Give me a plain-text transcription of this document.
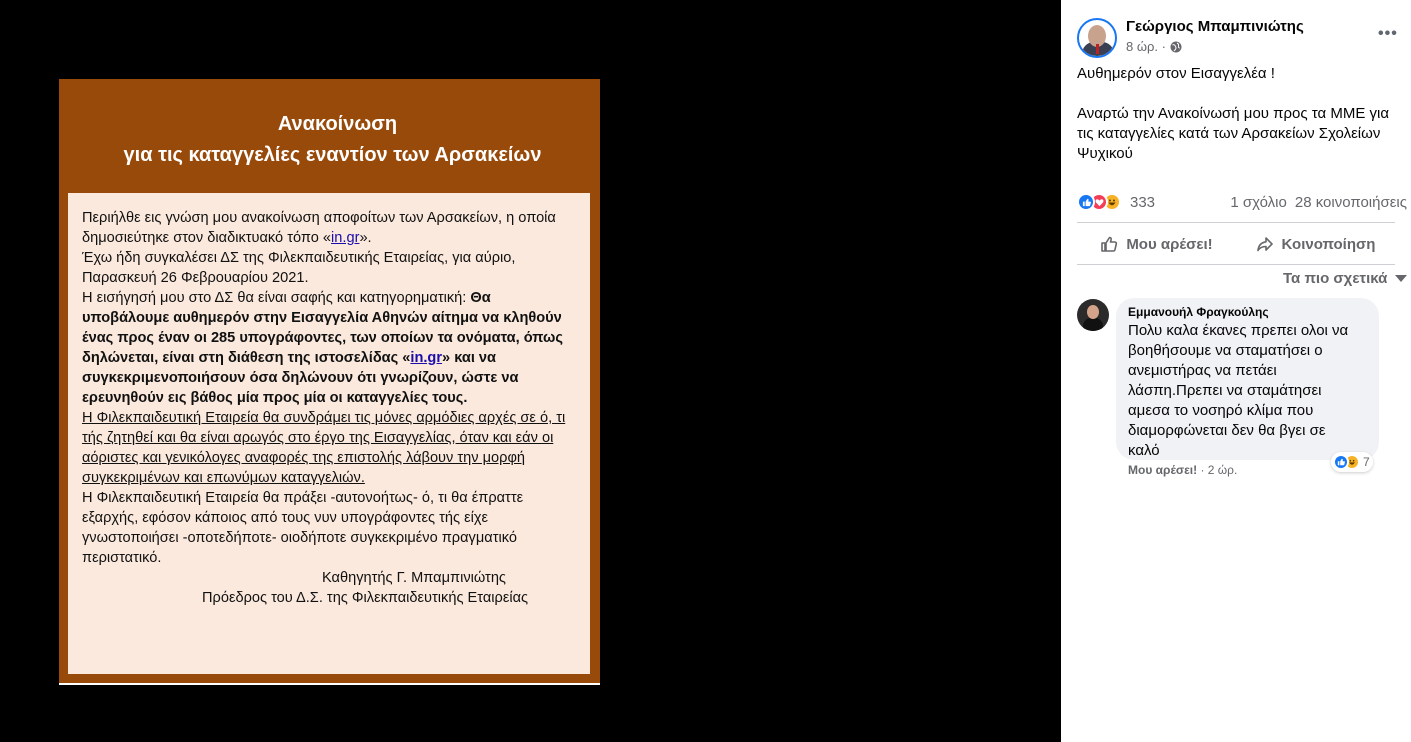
Ανακοίνωση
για τις καταγγελίες εναντίον των Αρσακείων

Περιήλθε εις γνώση μου ανακοίνωση αποφοίτων των Αρσακείων, η οποία δημοσιεύτηκε στον διαδικτυακό τόπο «in.gr».

Έχω ήδη συγκαλέσει ΔΣ της Φιλεκπαιδευτικής Εταιρείας, για αύριο, Παρασκευή 26 Φεβρουαρίου 2021.

Η εισήγησή μου στο ΔΣ θα είναι σαφής και κατηγορηματική: Θα υποβάλουμε αυθημερόν στην Εισαγγελία Αθηνών αίτημα να κληθούν ένας προς έναν οι 285 υπογράφοντες, των οποίων τα ονόματα, όπως δηλώνεται, είναι στη διάθεση της ιστοσελίδας «in.gr» και να συγκεκριμενοποιήσουν όσα δηλώνουν ότι γνωρίζουν, ώστε να ερευνηθούν εις βάθος μία προς μία οι καταγγελίες τους.

Η Φιλεκπαιδευτική Εταιρεία θα συνδράμει τις μόνες αρμόδιες αρχές σε ό, τι τής ζητηθεί και θα είναι αρωγός στο έργο της Εισαγγελίας, όταν και εάν οι αόριστες και γενικόλογες αναφορές της επιστολής λάβουν την μορφή συγκεκριμένων και επωνύμων καταγγελιών.

Η Φιλεκπαιδευτική Εταιρεία θα πράξει -αυτονοήτως- ό, τι θα έπραττε εξαρχής, εφόσον κάποιος από τους νυν υπογράφοντες τής είχε γνωστοποιήσει -οποτεδήποτε- οιοδήποτε συγκεκριμένο πραγματικό περιστατικό.

Καθηγητής Γ. Μπαμπινιώτης

Πρόεδρος του Δ.Σ. της Φιλεκπαιδευτικής Εταιρείας

Γεώργιος Μπαμπινιώτης
8 ώρ. ·
•••
Αυθημερόν στον Εισαγγελέα !
Αναρτώ την Ανακοίνωσή μου προς τα ΜΜΕ για τις καταγγελίες κατά των Αρσακείων Σχολείων Ψυχικού
333	1 σχόλιο 28 κοινοποιήσεις
Μου αρέσει!	Κοινοποίηση
Τα πιο σχετικά
Εμμανουήλ Φραγκούλης
Πολυ καλα έκανες πρεπει ολοι να βοηθήσουμε να σταματήσει ο ανεμιστήρας να πετάει λάσπη.Πρεπει να σταμάτησει αμεσα το νοσηρό κλίμα που διαμορφώνεται δεν θα βγει σε καλό
7
Μου αρέσει! · 2 ώρ.
